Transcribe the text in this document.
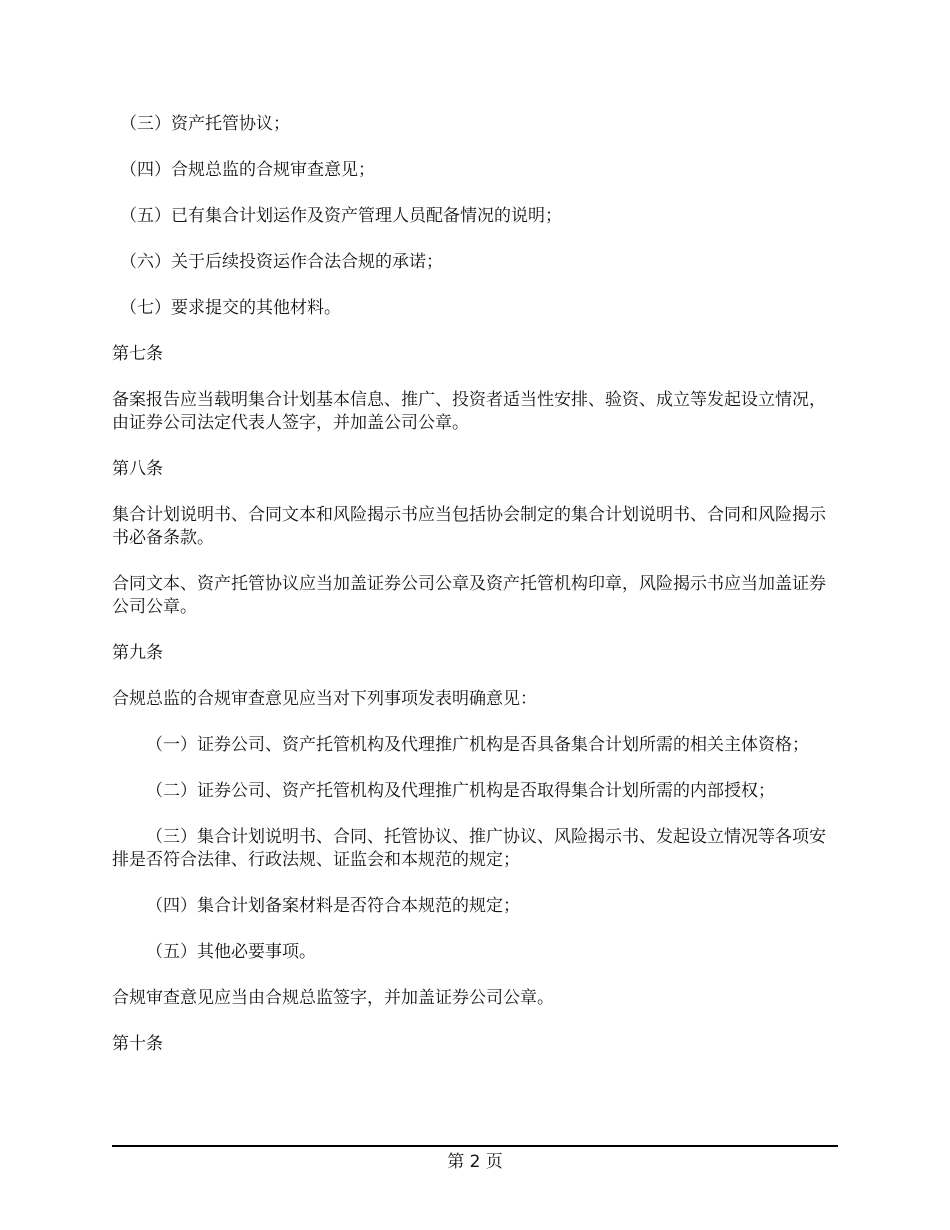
（三）资产托管协议；

（四）合规总监的合规审查意见；

（五）已有集合计划运作及资产管理人员配备情况的说明；

（六）关于后续投资运作合法合规的承诺；

（七）要求提交的其他材料。

第七条

备案报告应当载明集合计划基本信息、推广、投资者适当性安排、验资、成立等发起设立情况，由证券公司法定代表人签字，并加盖公司公章。

第八条

集合计划说明书、合同文本和风险揭示书应当包括协会制定的集合计划说明书、合同和风险揭示书必备条款。

合同文本、资产托管协议应当加盖证券公司公章及资产托管机构印章，风险揭示书应当加盖证券公司公章。

第九条

合规总监的合规审查意见应当对下列事项发表明确意见：

（一）证券公司、资产托管机构及代理推广机构是否具备集合计划所需的相关主体资格；

（二）证券公司、资产托管机构及代理推广机构是否取得集合计划所需的内部授权；

（三）集合计划说明书、合同、托管协议、推广协议、风险揭示书、发起设立情况等各项安排是否符合法律、行政法规、证监会和本规范的规定；

（四）集合计划备案材料是否符合本规范的规定；

（五）其他必要事项。

合规审查意见应当由合规总监签字，并加盖证券公司公章。

第十条

第 2 页
